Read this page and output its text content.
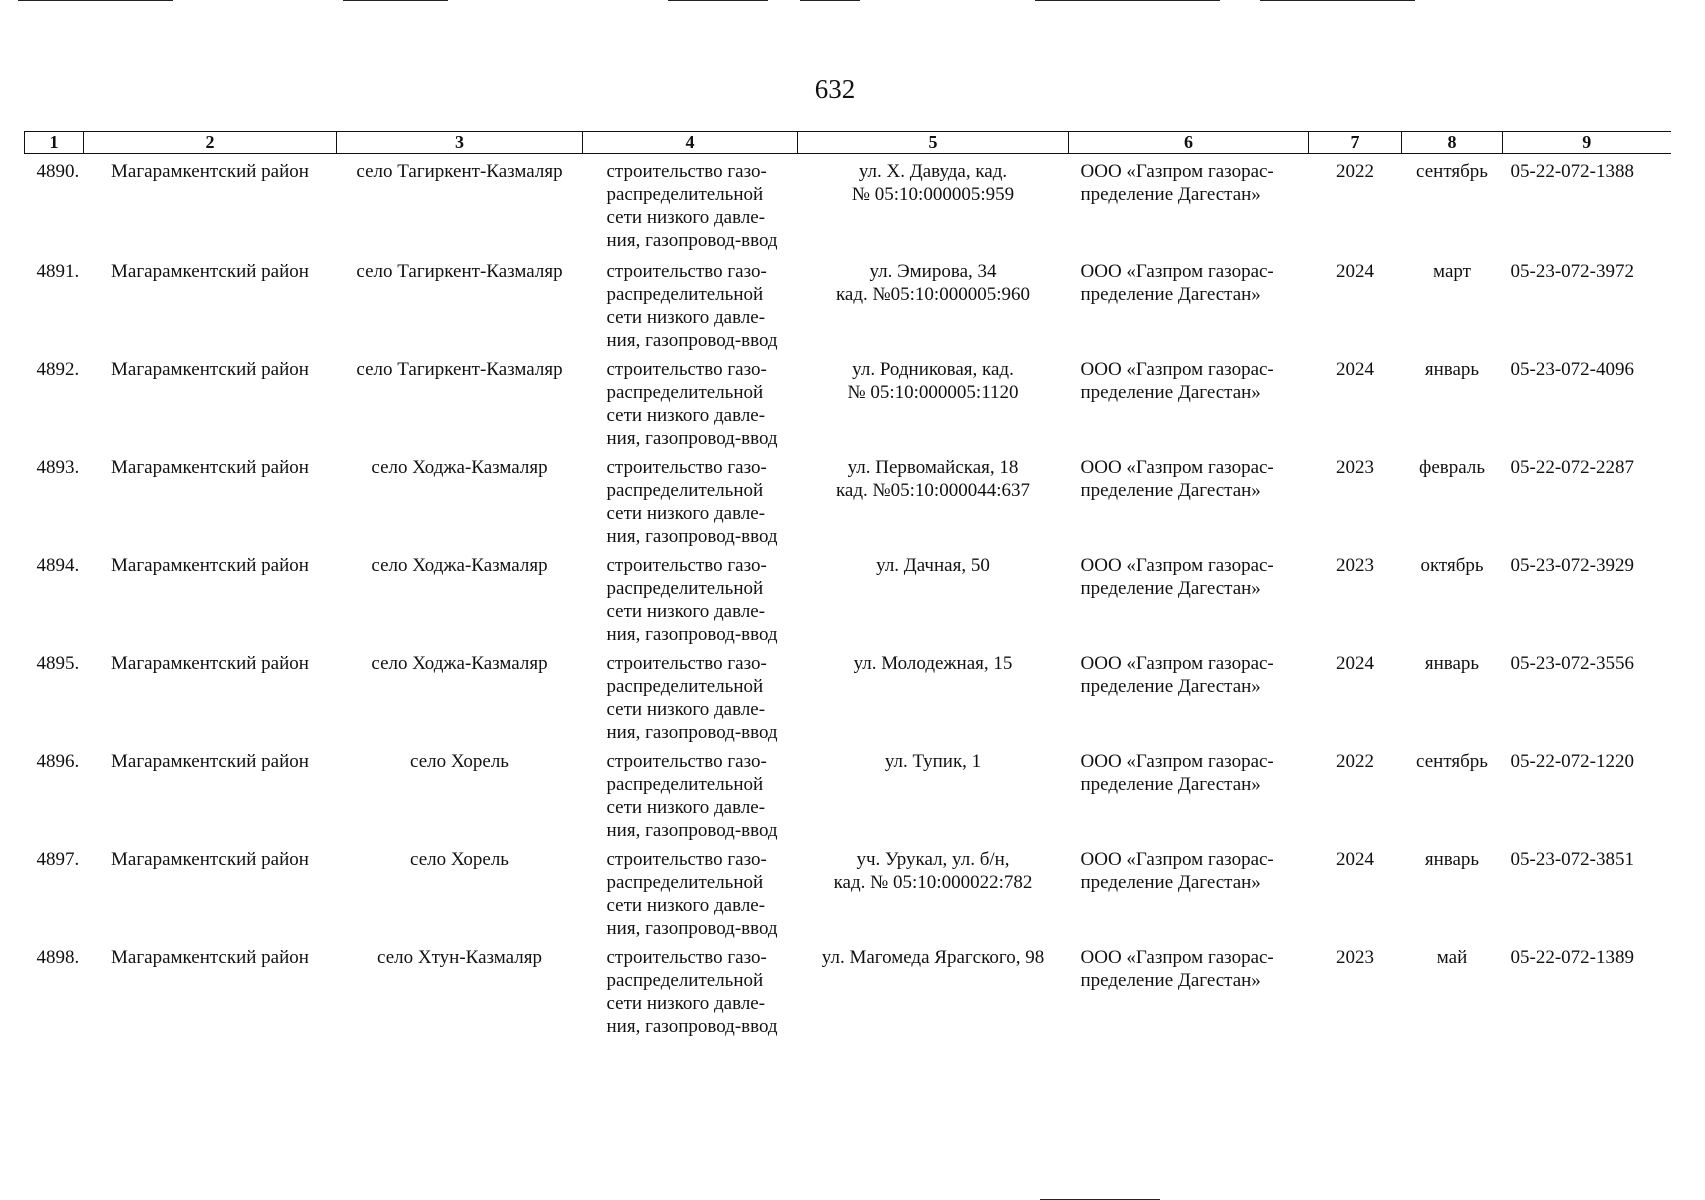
632
1	2	3	4	5	6	7	8	9
4890.	Магарамкентский район	село Тагиркент-Казмаляр	строительство газо-
распределительной
сети низкого давле-
ния, газопровод-ввод	ул. Х. Давуда, кад.
№ 05:10:000005:959	ООО «Газпром газорас-
пределение Дагестан»	2022	сентябрь	05-22-072-1388
4891.	Магарамкентский район	село Тагиркент-Казмаляр	строительство газо-
распределительной
сети низкого давле-
ния, газопровод-ввод	ул. Эмирова, 34
кад. №05:10:000005:960	ООО «Газпром газорас-
пределение Дагестан»	2024	март	05-23-072-3972
4892.	Магарамкентский район	село Тагиркент-Казмаляр	строительство газо-
распределительной
сети низкого давле-
ния, газопровод-ввод	ул. Родниковая, кад.
№ 05:10:000005:1120	ООО «Газпром газорас-
пределение Дагестан»	2024	январь	05-23-072-4096
4893.	Магарамкентский район	село Ходжа-Казмаляр	строительство газо-
распределительной
сети низкого давле-
ния, газопровод-ввод	ул. Первомайская, 18
кад. №05:10:000044:637	ООО «Газпром газорас-
пределение Дагестан»	2023	февраль	05-22-072-2287
4894.	Магарамкентский район	село Ходжа-Казмаляр	строительство газо-
распределительной
сети низкого давле-
ния, газопровод-ввод	ул. Дачная, 50	ООО «Газпром газорас-
пределение Дагестан»	2023	октябрь	05-23-072-3929
4895.	Магарамкентский район	село Ходжа-Казмаляр	строительство газо-
распределительной
сети низкого давле-
ния, газопровод-ввод	ул. Молодежная, 15	ООО «Газпром газорас-
пределение Дагестан»	2024	январь	05-23-072-3556
4896.	Магарамкентский район	село Хорель	строительство газо-
распределительной
сети низкого давле-
ния, газопровод-ввод	ул. Тупик, 1	ООО «Газпром газорас-
пределение Дагестан»	2022	сентябрь	05-22-072-1220
4897.	Магарамкентский район	село Хорель	строительство газо-
распределительной
сети низкого давле-
ния, газопровод-ввод	уч. Урукал, ул. б/н,
кад. № 05:10:000022:782	ООО «Газпром газорас-
пределение Дагестан»	2024	январь	05-23-072-3851
4898.	Магарамкентский район	село Хтун-Казмаляр	строительство газо-
распределительной
сети низкого давле-
ния, газопровод-ввод	ул. Магомеда Ярагского, 98	ООО «Газпром газорас-
пределение Дагестан»	2023	май	05-22-072-1389
